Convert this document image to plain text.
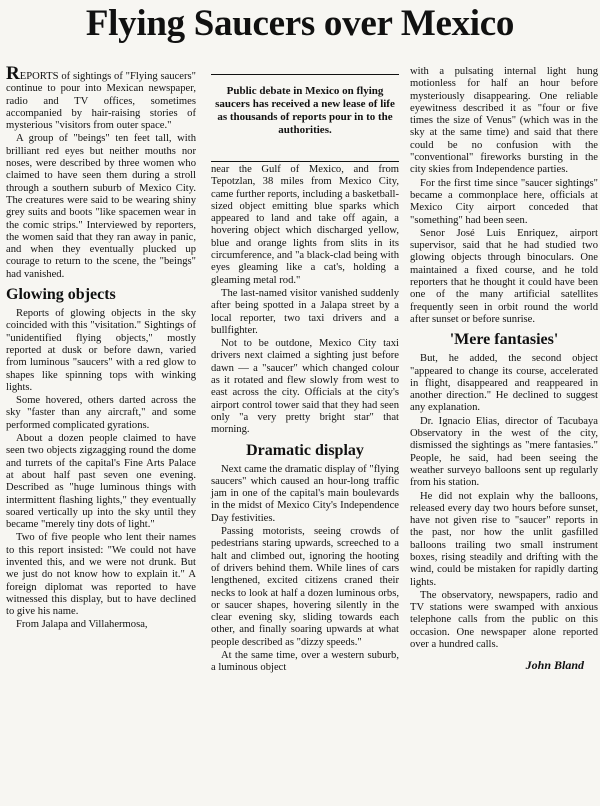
Flying Saucers over Mexico

REPORTS of sightings of "Flying saucers" continue to pour into Mexican newspaper, radio and TV offices, sometimes accompanied by hair-raising stories of mysterious "visitors from outer space."

A group of "beings" ten feet tall, with brilliant red eyes but neither mouths nor noses, were described by three women who claimed to have seen them during a stroll through a southern suburb of Mexico City. The creatures were said to be wearing shiny grey suits and boots "like spacemen wear in the comic strips." Interviewed by reporters, the women said that they ran away in panic, and when they eventually plucked up courage to return to the scene, the "beings" had vanished.

Glowing objects

Reports of glowing objects in the sky coincided with this "visitation." Sightings of "unidentified flying objects," mostly reported at dusk or before dawn, varied from luminous "saucers" with a red glow to shapes like spinning tops with winking lights.

Some hovered, others darted across the sky "faster than any aircraft," and some performed complicated gyrations.

About a dozen people claimed to have seen two objects zigzagging round the dome and turrets of the capital's Fine Arts Palace at about half past seven one evening. Described as "huge luminous things with intermittent flashing lights," they eventually soared vertically up into the sky until they became "merely tiny dots of light."

Two of five people who lent their names to this report insisted: "We could not have invented this, and we were not drunk. But we just do not know how to explain it." A foreign diplomat was reported to have witnessed this display, but to have declined to give his name.

From Jalapa and Villahermosa,

Public debate in Mexico on flying saucers has received a new lease of life as thousands of reports pour in to the authorities.

near the Gulf of Mexico, and from Tepotzlan, 38 miles from Mexico City, came further reports, including a basketball-sized object emitting blue sparks which appeared to land and take off again, a hovering object which discharged yellow, blue and orange lights from slits in its circumference, and "a black-clad being with eyes gleaming like a cat's, holding a gleaming metal rod."

The last-named visitor vanished suddenly after being spotted in a Jalapa street by a local reporter, two taxi drivers and a bullfighter.

Not to be outdone, Mexico City taxi drivers next claimed a sighting just before dawn — a "saucer" which changed colour as it rotated and flew slowly from west to east across the city. Officials at the city's airport control tower said that they had seen only "a very pretty bright star" that morning.

Dramatic display

Next came the dramatic display of "flying saucers" which caused an hour-long traffic jam in one of the capital's main boulevards in the midst of Mexico City's Independence Day festivities.

Passing motorists, seeing crowds of pedestrians staring upwards, screeched to a halt and climbed out, ignoring the hooting of drivers behind them. While lines of cars lengthened, excited citizens craned their necks to look at half a dozen luminous orbs, or saucer shapes, hovering silently in the clear evening sky, sliding towards each other, and finally soaring upwards at what people described as "dizzy speeds."

At the same time, over a western suburb, a luminous object

with a pulsating internal light hung motionless for half an hour before mysteriously disappearing. One reliable eyewitness described it as "four or five times the size of Venus" (which was in the sky at the same time) and said that there could be no confusion with the "conventional" fireworks bursting in the city skies from Independence parties.

For the first time since "saucer sightings" became a commonplace here, officials at Mexico City airport conceded that "something" had been seen.

Senor José Luis Enriquez, airport supervisor, said that he had studied two glowing objects through binoculars. One maintained a fixed course, and he told reporters that he thought it could have been one of the many artificial satellites frequently seen in orbit round the world after sunset or before sunrise.

'Mere fantasies'

But, he added, the second object "appeared to change its course, accelerated in flight, disappeared and reappeared in another direction." He declined to suggest any explanation.

Dr. Ignacio Elias, director of Tacubaya Observatory in the west of the city, dismissed the sightings as "mere fantasies." People, he said, had been seeing the weather surveyo balloons sent up regularly from his station.

He did not explain why the balloons, released every day two hours before sunset, have not given rise to "saucer" reports in the past, nor how the unlit gasfilled balloons trailing two small instrument boxes, rising steadily and drifting with the wind, could be mistaken for rapidly darting lights.

The observatory, newspapers, radio and TV stations were swamped with anxious telephone calls from the public on this occasion. One newspaper alone reported over a hundred calls.

John Bland
